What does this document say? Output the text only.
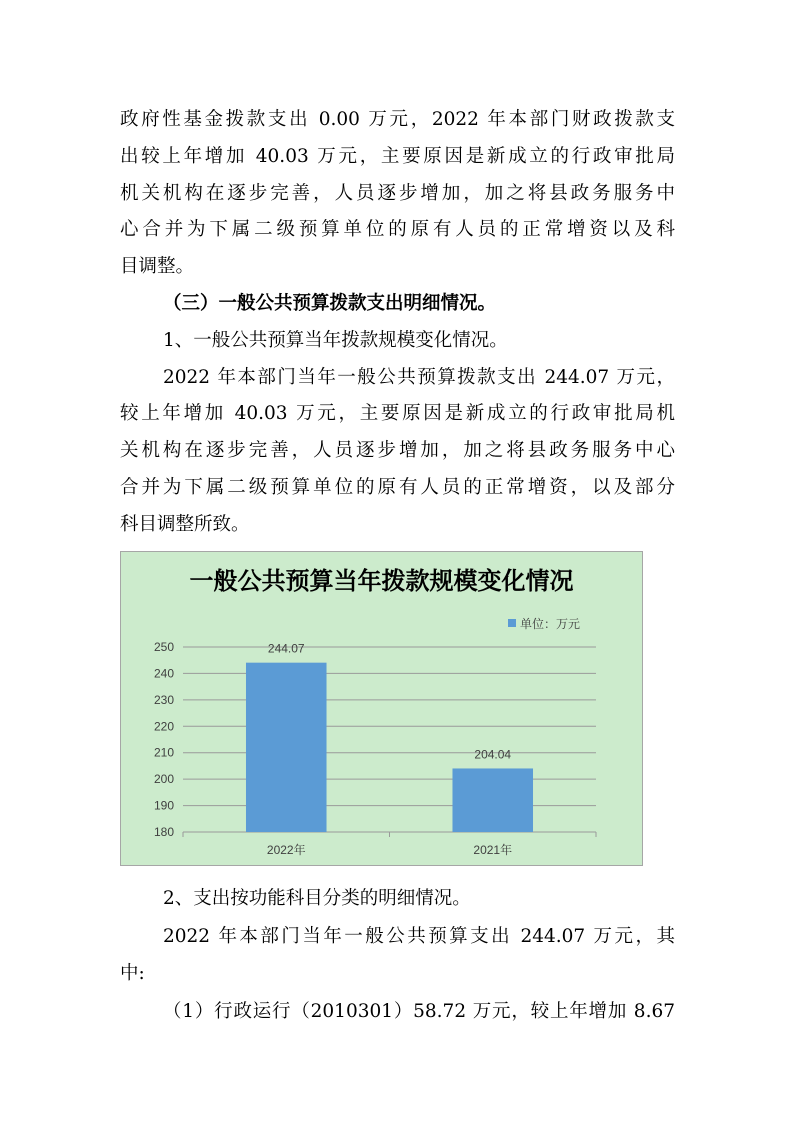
政府性基金拨款支出 0.00 万元，2022 年本部门财政拨款支
出较上年增加 40.03 万元，主要原因是新成立的行政审批局
机关机构在逐步完善，人员逐步增加，加之将县政务服务中
心合并为下属二级预算单位的原有人员的正常增资以及科
目调整。
（三）一般公共预算拨款支出明细情况。
1、一般公共预算当年拨款规模变化情况。
2022 年本部门当年一般公共预算拨款支出 244.07 万元，
较上年增加 40.03 万元，主要原因是新成立的行政审批局机
关机构在逐步完善，人员逐步增加，加之将县政务服务中心
合并为下属二级预算单位的原有人员的正常增资，以及部分
科目调整所致。
180
190
200
210
220
230
240
250	244.07
2022年
204.04
2021年
一般公共预算当年拨款规模变化情况
单位：万元
2、支出按功能科目分类的明细情况。
2022 年本部门当年一般公共预算支出 244.07 万元，其
中:
（1）行政运行（2010301）58.72 万元，较上年增加 8.67
